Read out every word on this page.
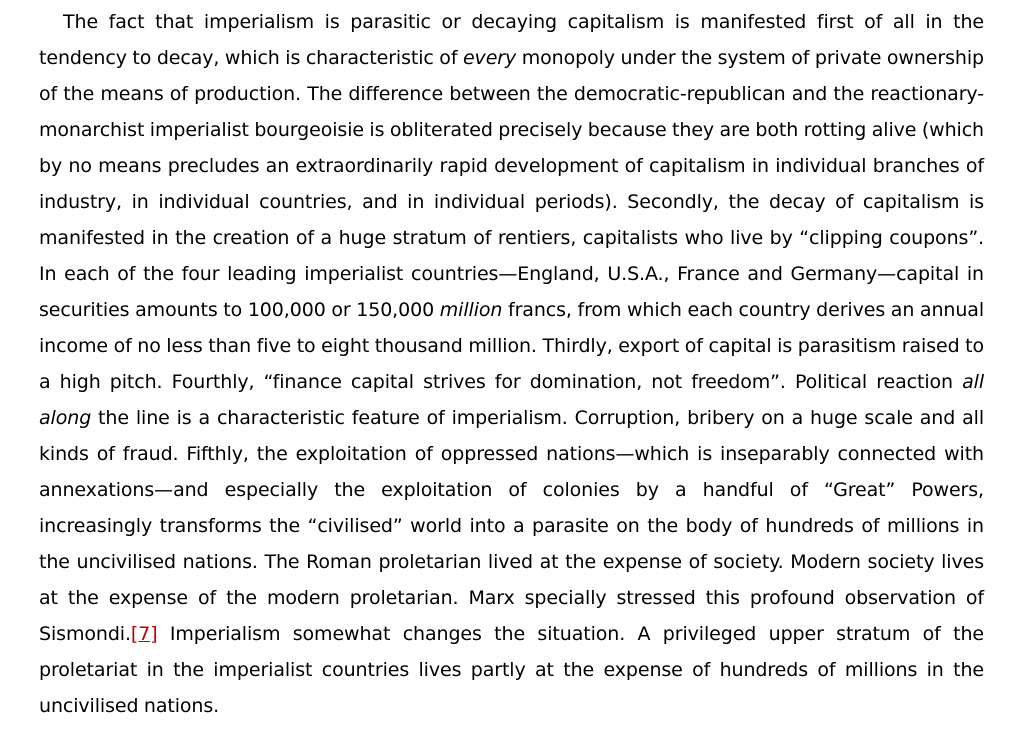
The fact that imperialism is parasitic or decaying capitalism is manifested first of all in the tendency to decay, which is characteristic of every monopoly under the system of private ownership of the means of production. The difference between the democratic-republican and the reactionary-monarchist imperialist bourgeoisie is obliterated precisely because they are both rotting alive (which by no means precludes an extraordinarily rapid development of capitalism in individual branches of industry, in individual countries, and in individual periods). Secondly, the decay of capitalism is manifested in the creation of a huge stratum of rentiers, capitalists who live by “clipping coupons”. In each of the four leading imperialist countries—England, U.S.A., France and Germany—capital in securities amounts to 100,000 or 150,000 million francs, from which each country derives an annual income of no less than five to eight thousand million. Thirdly, export of capital is parasitism raised to a high pitch. Fourthly, “finance capital strives for domination, not freedom”. Political reaction all along the line is a characteristic feature of imperialism. Corruption, bribery on a huge scale and all kinds of fraud. Fifthly, the exploitation of oppressed nations—which is inseparably connected with annexations—and especially the exploitation of colonies by a handful of “Great” Powers, increasingly transforms the “civilised” world into a parasite on the body of hundreds of millions in the uncivilised nations. The Roman proletarian lived at the expense of society. Modern society lives at the expense of the modern proletarian. Marx specially stressed this profound observation of Sismondi.[7] Imperialism somewhat changes the situation. A privileged upper stratum of the proletariat in the imperialist countries lives partly at the expense of hundreds of millions in the uncivilised nations.
